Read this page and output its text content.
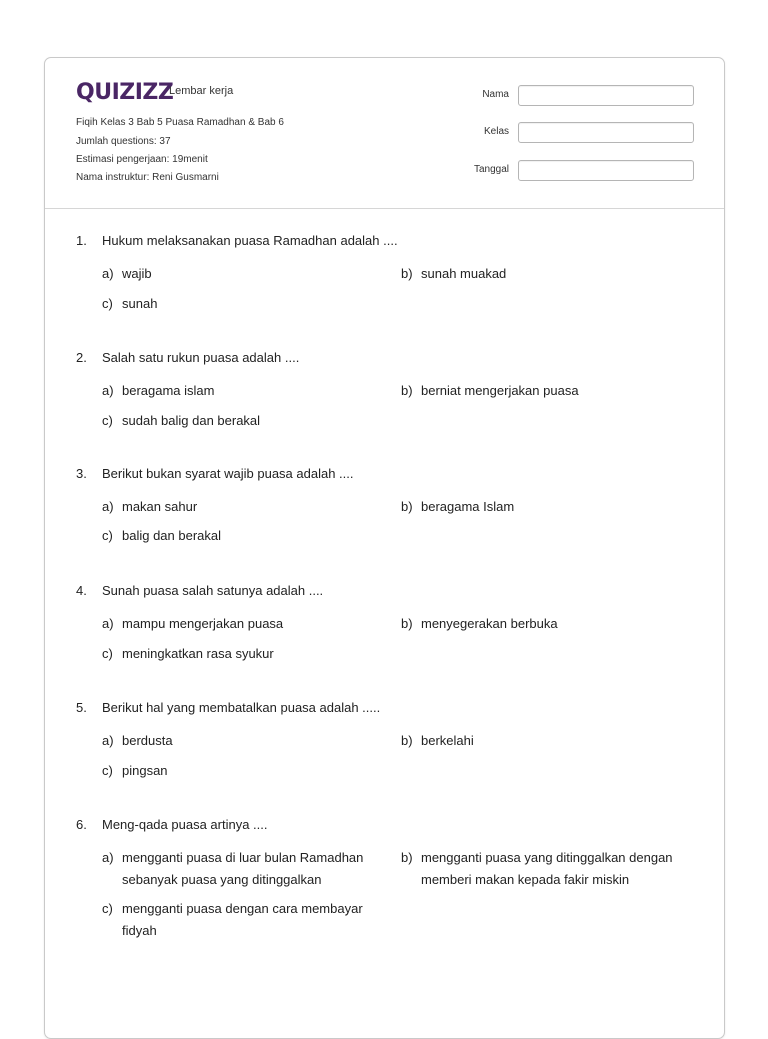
QUIZIZZ
Lembar kerja
Fiqih Kelas 3 Bab 5 Puasa Ramadhan & Bab 6
Jumlah questions: 37
Estimasi pengerjaan: 19menit
Nama instruktur: Reni Gusmarni
Nama
Kelas
Tanggal
1. Hukum melaksanakan puasa Ramadhan adalah ....
a) wajib	b) sunah muakad
c) sunah
2. Salah satu rukun puasa adalah ....
a) beragama islam	b) berniat mengerjakan puasa
c) sudah balig dan berakal
3. Berikut bukan syarat wajib puasa adalah ....
a) makan sahur	b) beragama Islam
c) balig dan berakal
4. Sunah puasa salah satunya adalah ....
a) mampu mengerjakan puasa	b) menyegerakan berbuka
c) meningkatkan rasa syukur
5. Berikut hal yang membatalkan puasa adalah .....
a) berdusta	b) berkelahi
c) pingsan
6. Meng-qada puasa artinya ....
a) mengganti puasa di luar bulan Ramadhan sebanyak puasa yang ditinggalkan
b) mengganti puasa yang ditinggalkan dengan memberi makan kepada fakir miskin
c) mengganti puasa dengan cara membayar fidyah
